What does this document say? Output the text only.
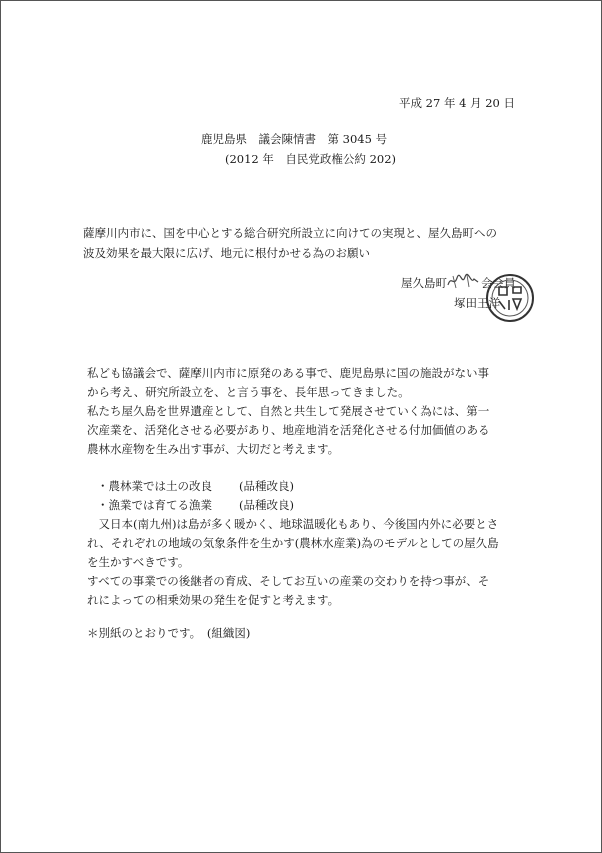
平成 27 年 4 月 20 日
鹿児島県　議会陳情書　第 3045 号
(2012 年　自民党政権公約 202)
薩摩川内市に、国を中心とする総合研究所設立に向けての実現と、屋久島町への
波及効果を最大限に広げ、地元に根付かせる為のお願い
屋久島町	会会員
塚田王洋

私ども協議会で、薩摩川内市に原発のある事で、鹿児島県に国の施設がない事

から考え、研究所設立を、と言う事を、長年思ってきました。

私たち屋久島を世界遺産として、自然と共生して発展させていく為には、第一

次産業を、活発化させる必要があり、地産地消を活発化させる付加価値のある

農林水産物を生み出す事が、大切だと考えます。

・農林業では土の改良	(品種改良)
・漁業では育てる漁業	(品種改良)

　又日本(南九州)は島が多く暖かく、地球温暖化もあり、今後国内外に必要とさ

れ、それぞれの地域の気象条件を生かす(農林水産業)為のモデルとしての屋久島

を生かすべきです。

すべての事業での後継者の育成、そしてお互いの産業の交わりを持つ事が、そ

れによっての相乗効果の発生を促すと考えます。

＊別紙のとおりです。　(組織図)
